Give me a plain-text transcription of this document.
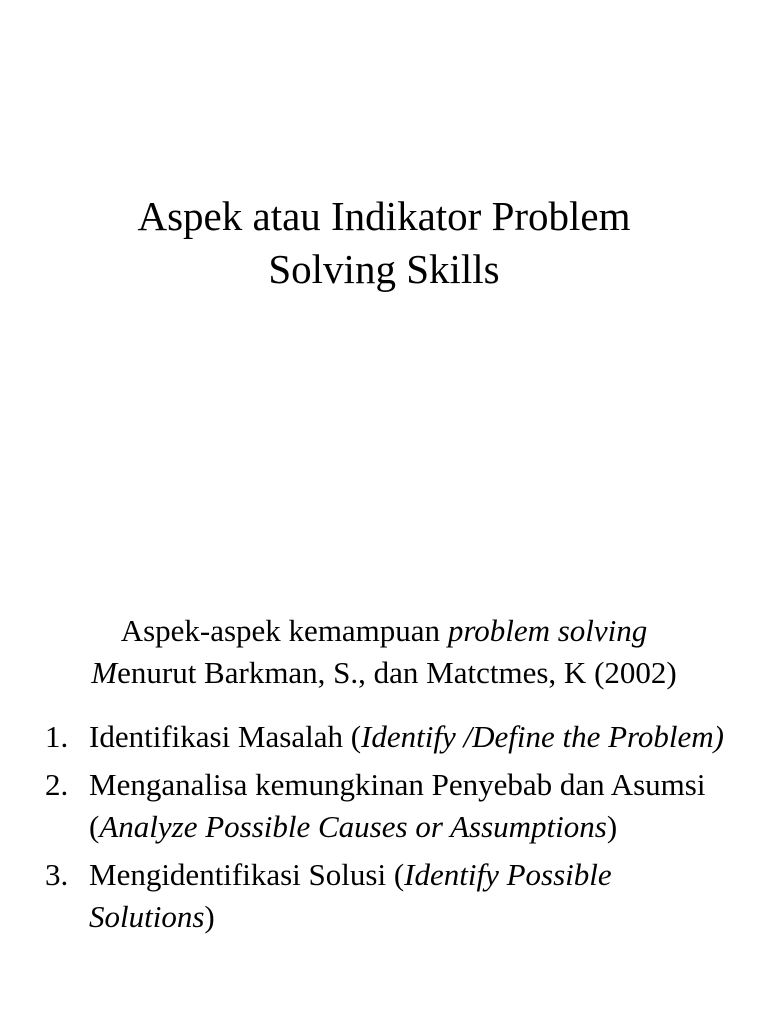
Aspek atau Indikator Problem
Solving Skills
Aspek-aspek kemampuan problem solving
Menurut Barkman, S., dan Matctmes, K (2002)
1. Identifikasi Masalah (Identify /Define the Problem)
2. Menganalisa kemungkinan Penyebab dan Asumsi (Analyze Possible Causes or Assumptions)
3. Mengidentifikasi Solusi (Identify Possible Solutions)
